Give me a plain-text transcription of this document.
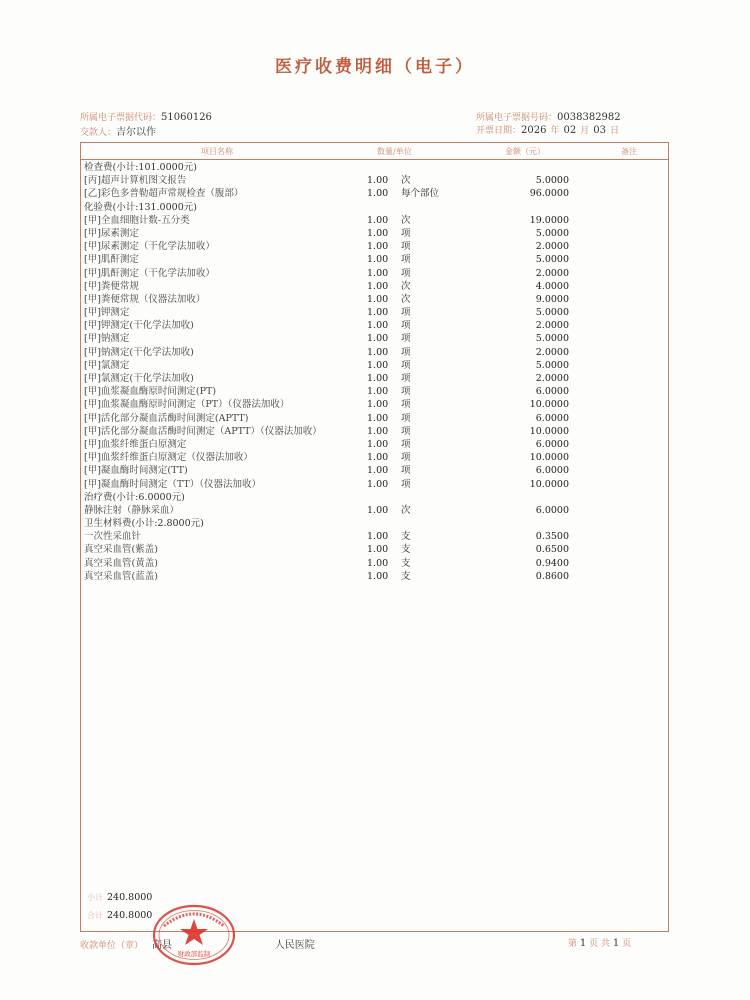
医疗收费明细（电子）
所属电子票据代码：51060126
交款人：吉尔以作
所属电子票据号码：0038382982
开票日期：2026 年 02 月 03 日
项目名称	数量/单位	金额（元）	备注
检查费(小计:101.0000元)
[丙]超声计算机图文报告	1.00 次	5.0000
[乙]彩色多普勒超声常规检查（腹部）	1.00 每个部位	96.0000
化验费(小计:131.0000元)
[甲]全血细胞计数-五分类	1.00 次	19.0000
[甲]尿素测定	1.00 项	5.0000
[甲]尿素测定（干化学法加收）	1.00 项	2.0000
[甲]肌酐测定	1.00 项	5.0000
[甲]肌酐测定（干化学法加收）	1.00 项	2.0000
[甲]粪便常规	1.00 次	4.0000
[甲]粪便常规（仪器法加收）	1.00 次	9.0000
[甲]钾测定	1.00 项	5.0000
[甲]钾测定(干化学法加收)	1.00 项	2.0000
[甲]钠测定	1.00 项	5.0000
[甲]钠测定(干化学法加收)	1.00 项	2.0000
[甲]氯测定	1.00 项	5.0000
[甲]氯测定(干化学法加收)	1.00 项	2.0000
[甲]血浆凝血酶原时间测定(PT)	1.00 项	6.0000
[甲]血浆凝血酶原时间测定（PT）（仪器法加收）	1.00 项	10.0000
[甲]活化部分凝血活酶时间测定(APTT)	1.00 项	6.0000
[甲]活化部分凝血活酶时间测定（APTT）（仪器法加收）	1.00 项	10.0000
[甲]血浆纤维蛋白原测定	1.00 项	6.0000
[甲]血浆纤维蛋白原测定（仪器法加收）	1.00 项	10.0000
[甲]凝血酶时间测定(TT)	1.00 项	6.0000
[甲]凝血酶时间测定（TT）（仪器法加收）	1.00 项	10.0000
治疗费(小计:6.0000元)
静脉注射（静脉采血）	1.00 次	6.0000
卫生材料费(小计:2.8000元)
一次性采血针	1.00 支	0.3500
真空采血管(紫盖)	1.00 支	0.6500
真空采血管(黄盖)	1.00 支	0.9400
真空采血管(蓝盖)	1.00 支	0.8600
小计 240.8000
合计 240.8000
收款单位（章） 高县	人民医院	第 1 页 共 1 页
财政部监制
